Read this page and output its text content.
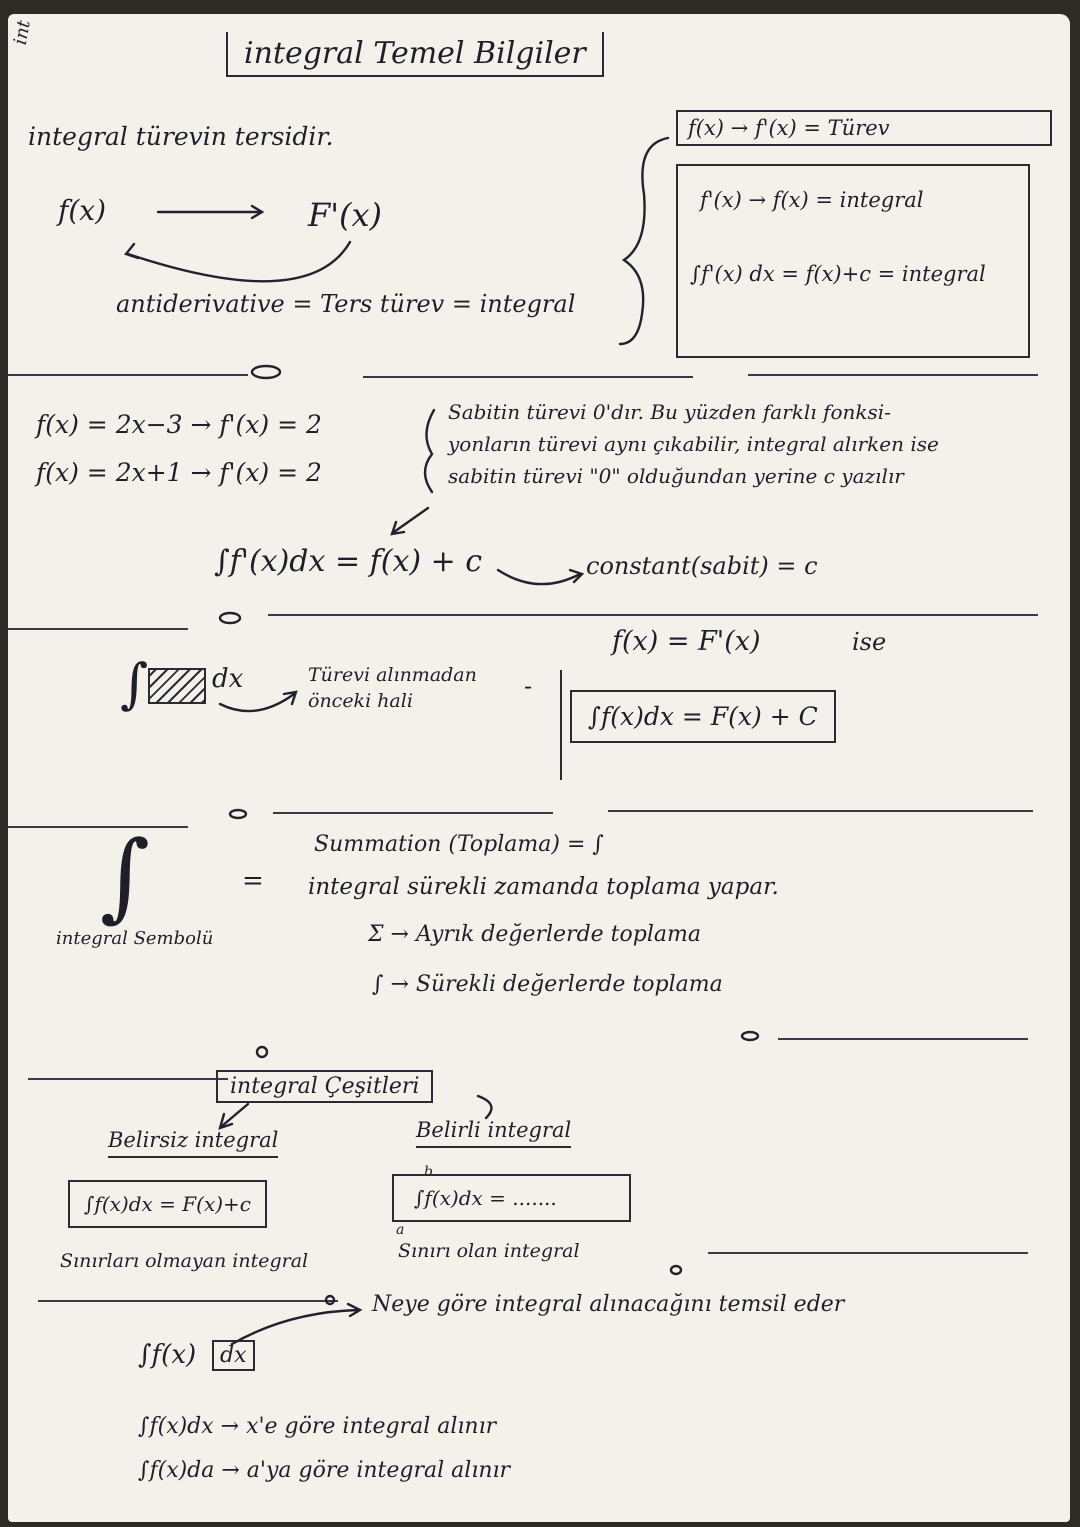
int
integral Temel Bilgiler
integral türevin tersidir.
f(x)	F'(x)
antiderivative = Ters türev = integral
f(x) → f'(x) = Türev
f'(x) → f(x) = integral
∫f'(x) dx = f(x)+c = integral
f(x) = 2x−3 → f'(x) = 2
f(x) = 2x+1 → f'(x) = 2
Sabitin türevi 0'dır. Bu yüzden farklı fonksi-
yonların türevi aynı çıkabilir, integral alırken ise
sabitin türevi "0" olduğundan yerine c yazılır
∫f'(x)dx = f(x) + c	constant(sabit) = c
∫ dx	Türevi alınmadan
önceki hali
-
f(x) = F'(x)	ise
∫f(x)dx = F(x) + C
∫
integral Sembolü
=
Summation (Toplama) = ∫
integral sürekli zamanda toplama yapar.
Σ → Ayrık değerlerde toplama
∫ → Sürekli değerlerde toplama
integral Çeşitleri
Belirsiz integral
∫f(x)dx = F(x)+c
Sınırları olmayan integral
Belirli integral
b
a
∫f(x)dx = .......
Sınırı olan integral
∫f(x)	dx
Neye göre integral alınacağını temsil eder
∫f(x)dx → x'e göre integral alınır
∫f(x)da → a'ya göre integral alınır
